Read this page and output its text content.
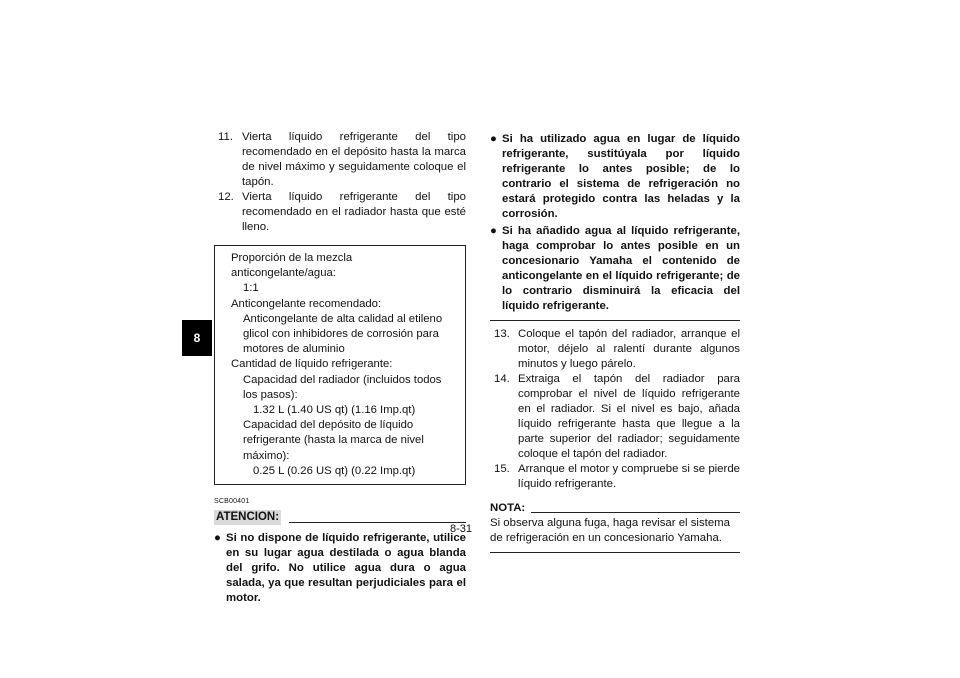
8
11. Vierta líquido refrigerante del tipo recomendado en el depósito hasta la marca de nivel máximo y seguidamente coloque el tapón.
12. Vierta líquido refrigerante del tipo recomendado en el radiador hasta que esté lleno.
Proporción de la mezcla anticongelante/agua:
1:1
Anticongelante recomendado:
Anticongelante de alta calidad al etileno glicol con inhibidores de corrosión para motores de aluminio
Cantidad de líquido refrigerante:
Capacidad del radiador (incluidos todos los pasos):
1.32 L (1.40 US qt) (1.16 Imp.qt)
Capacidad del depósito de líquido refrigerante (hasta la marca de nivel máximo):
0.25 L (0.26 US qt) (0.22 Imp.qt)
SCB00401
ATENCION:
● Si no dispone de líquido refrigerante, utilice en su lugar agua destilada o agua blanda del grifo. No utilice agua dura o agua salada, ya que resultan perjudiciales para el motor.
● Si ha utilizado agua en lugar de líquido refrigerante, sustitúyala por líquido refrigerante lo antes posible; de lo contrario el sistema de refrigeración no estará protegido contra las heladas y la corrosión.
● Si ha añadido agua al líquido refrigerante, haga comprobar lo antes posible en un concesionario Yamaha el contenido de anticongelante en el líquido refrigerante; de lo contrario disminuirá la eficacia del líquido refrigerante.
13. Coloque el tapón del radiador, arranque el motor, déjelo al ralentí durante algunos minutos y luego párelo.
14. Extraiga el tapón del radiador para comprobar el nivel de líquido refrigerante en el radiador. Si el nivel es bajo, añada líquido refrigerante hasta que llegue a la parte superior del radiador; seguidamente coloque el tapón del radiador.
15. Arranque el motor y compruebe si se pierde líquido refrigerante.
NOTA:
Si observa alguna fuga, haga revisar el sistema de refrigeración en un concesionario Yamaha.
8-31
